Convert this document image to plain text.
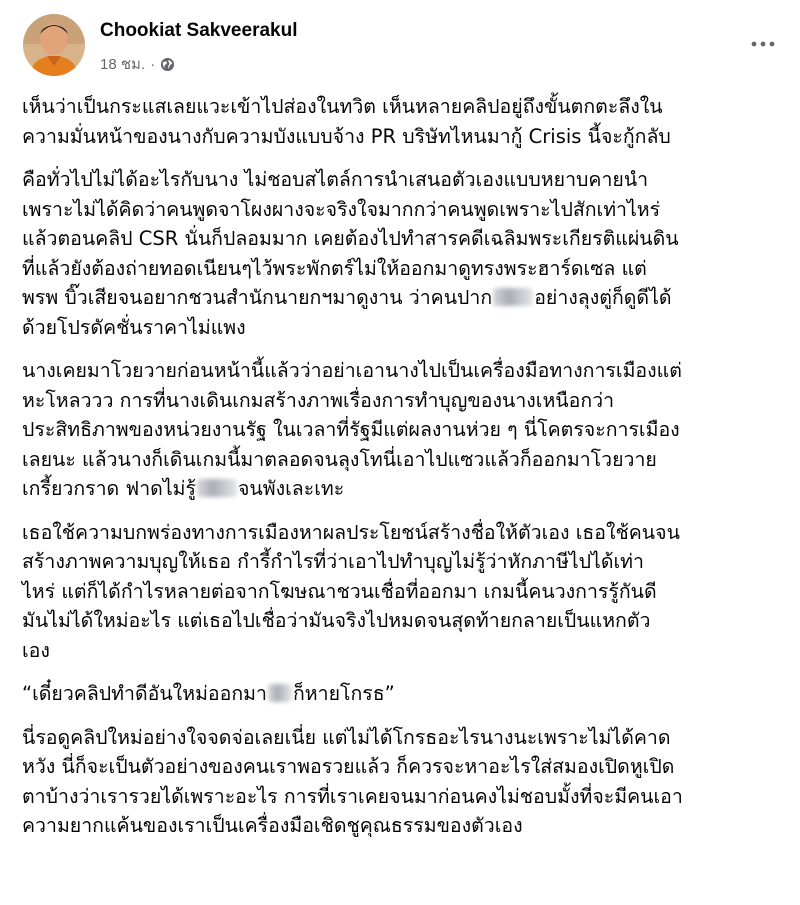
Chookiat Sakveerakul
18 ชม. ·
เห็นว่าเป็นกระแสเลยแวะเข้าไปส่องในทวิต เห็นหลายคลิปอยู่ถึงขั้นตกตะลึงใน
ความมั่นหน้าของนางกับความบังแบบจ้าง PR บริษัทไหนมากู้ Crisis นี้จะกู้กลับ
คือทั่วไปไม่ได้อะไรกับนาง ไม่ชอบสไตล์การนำเสนอตัวเองแบบหยาบคายนำ
เพราะไม่ได้คิดว่าคนพูดจาโผงผางจะจริงใจมากกว่าคนพูดเพราะไปสักเท่าไหร่
แล้วตอนคลิป CSR นั่นก็ปลอมมาก เคยต้องไปทำสารคดีเฉลิมพระเกียรติแผ่นดิน
ที่แล้วยังต้องถ่ายทอดเนียนๆไว้พระพักตร์ไม่ให้ออกมาดูทรงพระฮาร์ดเซล แต่
พรพ บิ๊วเสียจนอยากชวนสำนักนายกฯมาดูงาน ว่าคนปาก อย่างลุงตู่ก็ดูดีได้
ด้วยโปรดัคชั่นราคาไม่แพง
นางเคยมาโวยวายก่อนหน้านี้แล้วว่าอย่าเอานางไปเป็นเครื่องมือทางการเมืองแต่
หะโหลววว การที่นางเดินเกมสร้างภาพเรื่องการทำบุญของนางเหนือกว่า
ประสิทธิภาพของหน่วยงานรัฐ ในเวลาที่รัฐมีแต่ผลงานห่วย ๆ นี่โคตรจะการเมือง
เลยนะ แล้วนางก็เดินเกมนี้มาตลอดจนลุงโทนี่เอาไปแซวแล้วก็ออกมาโวยวาย
เกรี้ยวกราด ฟาดไม่รู้ จนพังเละเทะ
เธอใช้ความบกพร่องทางการเมืองหาผลประโยชน์สร้างชื่อให้ตัวเอง เธอใช้คนจน
สร้างภาพความบุญให้เธอ กำรี้กำไรที่ว่าเอาไปทำบุญไม่รู้ว่าหักภาษีไปได้เท่า
ไหร่ แต่ก็ได้กำไรหลายต่อจากโฆษณาชวนเชื่อที่ออกมา เกมนี้คนวงการรู้กันดี
มันไม่ได้ใหม่อะไร แต่เธอไปเชื่อว่ามันจริงไปหมดจนสุดท้ายกลายเป็นแหกตัว
เอง
“เดี๋ยวคลิปทำดีอันใหม่ออกมา ก็หายโกรธ”
นี่รอดูคลิปใหม่อย่างใจจดจ่อเลยเนี่ย แต่ไม่ได้โกรธอะไรนางนะเพราะไม่ได้คาด
หวัง นี่ก็จะเป็นตัวอย่างของคนเราพอรวยแล้ว ก็ควรจะหาอะไรใส่สมองเปิดหูเปิด
ตาบ้างว่าเรารวยได้เพราะอะไร การที่เราเคยจนมาก่อนคงไม่ชอบมั้งที่จะมีคนเอา
ความยากแค้นของเราเป็นเครื่องมือเชิดชูคุณธรรมของตัวเอง
